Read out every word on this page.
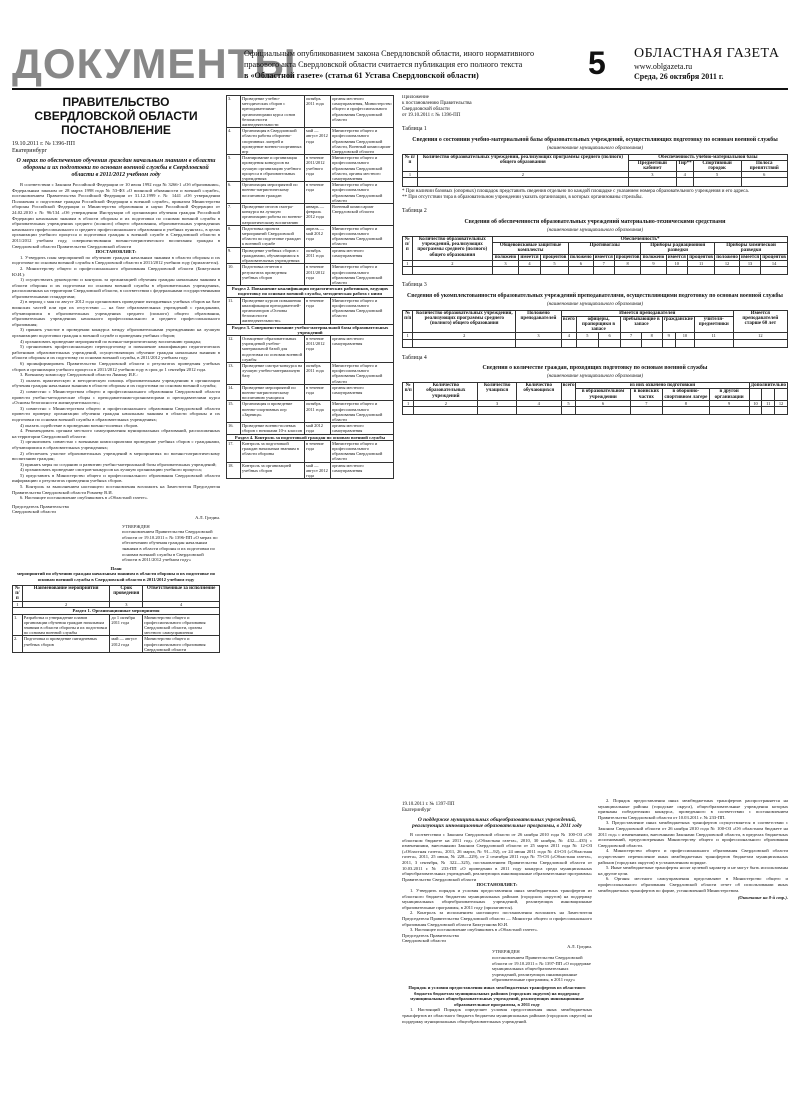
ДОКУМЕНТЫ
Официальным опубликованием закона Свердловской области, иного нормативного
правового акта Свердловской области считается публикация его полного текста
в «Областной газете» (статья 61 Устава Свердловской области)	5 ОБЛАСТНАЯ ГАЗЕТА
www.oblgazeta.ru
Среда, 26 октября 2011 г.
ПРАВИТЕЛЬСТВО
СВЕРДЛОВСКОЙ ОБЛАСТИ
ПОСТАНОВЛЕНИЕ
19.10.2011 г. № 1396-ПП
Екатеринбург
О мерах по обеспечению обучения граждан начальным знаниям в области обороны и их подготовки по основам военной службы в Свердловской области в 2011/2012 учебном году
В соответствии с Законом Российской Федерации от 10 июля 1992 года № 3266-1 «Об образовании», Федеральным законом от 28 марта 1998 года № 53-ФЗ «О воинской обязанности и военной службе», постановлением Правительства Российской Федерации от 31.12.1999 г. № 1441 «Об утверждении Положения о подготовке граждан Российской Федерации к военной службе», приказом Министерства обороны Российской Федерации и Министерства образования и науки Российской Федерации от 24.02.2010 г. № 96/134 «Об утверждении Инструкции об организации обучения граждан Российской Федерации начальным знаниям в области обороны и их подготовки по основам военной службы в образовательных учреждениях среднего (полного) общего образования, образовательных учреждениях начального профессионального и среднего профессионального образования и учебных пунктах», в целях организации учебного процесса и подготовки граждан к военной службе в Свердловской области в 2011/2012 учебном году, совершенствования военно-патриотического воспитания граждан в Свердловской области Правительство Свердловской области
ПОСТАНОВЛЯЕТ:
1. Утвердить план мероприятий по обучению граждан начальным знаниям в области обороны и их подготовке по основам военной службы в Свердловской области в 2011/2012 учебном году (прилагается).
2. Министерству общего и профессионального образования Свердловской области (Биктуганов Ю.И.):
1) осуществлять руководство и контроль за организацией обучения граждан начальным знаниям в области обороны и их подготовки по основам военной службы в образовательных учреждениях, расположенных на территории Свердловской области, в соответствии с федеральными государственными образовательными стандартами;
2) в период с мая по август 2012 года организовать проведение пятидневных учебных сборов на базе воинских частей или при их отсутствии — на базе образовательных учреждений с гражданами, обучающимися в образовательных учреждениях среднего (полного) общего образования, образовательных учреждениях начального профессионального и среднего профессионального образования;
3) принять участие в проведении конкурса между образовательными учреждениями на лучшую организацию подготовки граждан к военной службе и проведения учебных сборов;
4) организовать проведение мероприятий по военно-патриотическому воспитанию граждан;
5) организовать профессиональную переподготовку и повышение квалификации педагогических работников образовательных учреждений, осуществляющих обучение граждан начальным знаниям в области обороны и их подготовку по основам военной службы, в 2011/2012 учебном году.
6) проинформировать Правительство Свердловской области о результатах проведения учебных сборов и организации учебного процесса в 2011/2012 учебном году в срок до 1 сентября 2012 года.
3. Военному комиссару Свердловской области Лямину И.Е.:
1) оказать практическую и методическую помощь образовательным учреждениям в организации обучения граждан начальным знаниям в области обороны и их подготовки по основам военной службы;
2) совместно с Министерством общего и профессионального образования Свердловской области провести учебно-методические сборы с преподавателями-организаторами и преподавателями курса «Основы безопасности жизнедеятельности»;
3) совместно с Министерством общего и профессионального образования Свердловской области провести проверку организации обучения граждан начальным знаниям в области обороны и их подготовки по основам военной службы в образовательных учреждениях;
4) оказать содействие в проведении военно-полевых сборов.
4. Рекомендовать органам местного самоуправления муниципальных образований, расположенных на территории Свердловской области:
1) организовать совместно с военными комиссариатами проведение учебных сборов с гражданами, обучающимися в образовательных учреждениях;
2) обеспечить участие образовательных учреждений в мероприятиях по военно-патриотическому воспитанию граждан;
3) принять меры по созданию и развитию учебно-материальной базы образовательных учреждений;
4) организовать проведение смотров-конкурсов на лучшую организацию учебного процесса;
5) представить в Министерство общего и профессионального образования Свердловской области информацию о результатах проведения учебных сборов.
5. Контроль за выполнением настоящего постановления возложить на Заместителя Председателя Правительства Свердловской области Ромаеву В.И.
6. Настоящее постановление опубликовать в «Областной газете».
Председатель Правительства
Свердловской области
А.Л. Гредин.
УТВЕРЖДЕН
постановлением Правительства Свердловской области от 19.10.2011 г. № 1396-ПП «О мерах по обеспечению обучения граждан начальным знаниям в области обороны и их подготовки по основам военной службы в Свердловской области в 2011/2012 учебном году»
План
мероприятий по обучению граждан начальным знаниям в области обороны и их подготовке по основам военной службы в Свердловской области в 2011/2012 учебном году
№ п/п	Наименование мероприятия	Срок проведения	Ответственные за исполнение
1	2	3	4
Раздел 1. Организационные мероприятия			
1.	Разработка и утверждение планов организации обучения граждан начальным знаниям в области обороны и их подготовки по основам военной службы	до 1 октября 2011 года	Министерство общего и профессионального образования Свердловской области, органы местного самоуправления
2.	Подготовка и проведение пятидневных учебных сборов	май — август 2012 года	Министерство общего и профессионального образования Свердловской области
3.	Проведение учебно-методических сборов с преподавателями-организаторами курса основ безопасности жизнедеятельности	октябрь 2011 года	органы местного самоуправления, Министерство общего и профессионального образования Свердловской области
4.	Организация в Свердловской области работы оборонно-спортивных лагерей и проведение военно-спортивных игр	май — август 2012 года	Министерство общего и профессионального образования Свердловской области, Военный комиссариат Свердловской области
5.	Планирование и организация проведения конкурсов на лучшую организацию учебного процесса в образовательных учреждениях	в течение 2011/2012 учебного года	Министерство общего и профессионального образования Свердловской области, органы местного самоуправления
6.	Организация мероприятий по военно-патриотическому воспитанию граждан	в течение года	Министерство общего и профессионального образования Свердловской области
7.	Проведение итогов смотра-конкурса на лучшую организацию работы по военно-патриотическому воспитанию	январь — февраль 2012 года	Военный комиссариат Свердловской области
8.	Подготовка проекта мероприятий Свердловской области по подготовке граждан к военной службе	апрель — май 2012 года	Министерство общего и профессионального образования Свердловской области
9.	Проведение учебных сборов с гражданами, обучающимися в образовательных учреждениях	октябрь 2011 года	органы местного самоуправления
10.	Подготовка отчетов о результатах проведения учебных сборов	в течение 2011/2012 года	Министерство общего и профессионального образования Свердловской области
Раздел 2. Повышение квалификации педагогических работников, ведущих подготовку по основам военной службы, методическая работа с ними			
11.	Проведение курсов повышения квалификации преподавателей-организаторов «Основы безопасности жизнедеятельности»	в течение года	Министерство общего и профессионального образования Свердловской области
Раздел 3. Совершенствование учебно-материальной базы образовательных учреждений			
12.	Оснащение образовательных учреждений учебно-материальной базой для подготовки по основам военной службы	в течение 2011/2012 года	органы местного самоуправления
13.	Проведение смотра-конкурса на лучшую учебно-материальную базу	октябрь 2011 года	Министерство общего и профессионального образования Свердловской области
14.	Проведение мероприятий по военно-патриотическому воспитанию учащихся	в течение года	органы местного самоуправления
15.	Организация и проведение военно-спортивных игр «Зарница»	октябрь 2011 года	Министерство общего и профессионального образования Свердловской области
16.	Проведение военно-полевых сборов с юношами 10-х классов	май 2012 года	органы местного самоуправления
Раздел 4. Контроль за подготовкой граждан по основам военной службы			
17.	Контроль за подготовкой граждан начальным знаниям в области обороны	в течение года	Министерство общего и профессионального образования Свердловской области
18.	Контроль за организацией учебных сборов	май — август 2012 года	органы местного самоуправления
Приложение
к постановлению Правительства
Свердловской области
от 19.10.2011 г. № 1396-ПП
Таблица 1
Сведения о состоянии учебно-материальной базы образовательных учреждений, осуществляющих подготовку по основам военной службы
(наименование муниципального образования)
№ п/п	Количество образовательных учреждений, реализующих программы среднего (полного) общего образования	Обеспеченность учебно-материальной базы			
		Предметный кабинет	Тир**	Спортивный городок	Полоса препятствий
1	2	3	4	5	6

* При наличии базовых (опорных) площадок представить сведения отдельно по каждой площадке с указанием номера образовательного учреждения и его адреса.
** При отсутствии тира в образовательном учреждении указать организации, в которых организованы стрельбы.
Таблица 2
Сведения об обеспеченности образовательных учреждений материально-техническими средствами
(наименование муниципального образования)
№ п/п	Количество образовательных учреждений, реализующих программы среднего (полного) общего образования	Обеспеченность*											
		Общевойсковые защитные комплекты			Противогазы			Приборы радиационной разведки			Приборы химической разведки		
		положено	имеется	процентов	положено	имеется	процентов	положено	имеется	процентов	положено	имеется	процентов
1	2	3	4	5	6	7	8	9	10	11	12	13	14

Таблица 3
Сведения об укомплектованности образовательных учреждений преподавателями, осуществляющими подготовку по основам военной службы
(наименование муниципального образования)
№ п/п	Количество образовательных учреждений, реализующих программы среднего (полного) общего образования	Положено преподавателей	Имеется преподавателей								Имеется преподавателей старше 60 лет
			всего	офицеры, прапорщики в запасе		пребывающие в запасе		гражданские		учителя-предметники	
1	2	3	4	5	6	7	8	9	10	11	12

Таблица 4
Сведения о количестве граждан, проходящих подготовку по основам военной службы
(наименование муниципального образования)
№ п/п	Количество образовательных учреждений	Количество учащихся	Количество обучающихся	всего	из них охвачено подготовкой				Дополнительно		
					в образовательном учреждении	в воинских частях	в оборонно-спортивном лагере	в другой организации			
1	2	3	4	5	6	7	8	9	10	11	12

19.10.2011 г. № 1397-ПП
Екатеринбург
О поддержке муниципальных общеобразовательных учреждений, реализующих инновационные образовательные программы, в 2011 году
В соответствии с Законом Свердловской области от 26 ноября 2010 года № 100-ОЗ «Об областном бюджете на 2011 год» («Областная газета», 2010, 30 ноября, № 432—435) с изменениями, внесенными Законом Свердловской области от 25 марта 2011 года № 12-ОЗ («Областная газета», 2011, 26 марта, № 91—92), от 24 июня 2011 года № 43-ОЗ («Областная газета», 2011, 25 июня, № 228—229), от 2 сентября 2011 года № 75-ОЗ («Областная газета», 2011, 3 сентября, № 322—325), постановлением Правительства Свердловской области от 10.03.2011 г. № 233-ПП «О проведении в 2011 году конкурса среди муниципальных общеобразовательных учреждений, реализующих инновационные образовательные программы» Правительство Свердловской области
ПОСТАНОВЛЯЕТ:
1. Утвердить порядок и условия предоставления иных межбюджетных трансфертов из областного бюджета бюджетам муниципальных районов (городских округов) на поддержку муниципальных общеобразовательных учреждений, реализующих инновационные образовательные программы, в 2011 году (прилагаются).
2. Контроль за исполнением настоящего постановления возложить на Заместителя Председателя Правительства Свердловской области — Министра общего и профессионального образования Свердловской области Биктуганова Ю.И.
3. Настоящее постановление опубликовать в «Областной газете».
Председатель Правительства
Свердловской области
А.Л. Гредин.
УТВЕРЖДЕН
постановлением Правительства Свердловской области от 19.10.2011 г. № 1397-ПП «О поддержке муниципальных общеобразовательных учреждений, реализующих инновационные образовательные программы, в 2011 году»
Порядок и условия предоставления иных межбюджетных трансфертов из областного бюджета бюджетам муниципальных районов (городских округов) на поддержку муниципальных общеобразовательных учреждений, реализующих инновационные образовательные программы, в 2011 году
1. Настоящий Порядок определяет условия предоставления иных межбюджетных трансфертов из областного бюджета бюджетам муниципальных районов (городских округов) на поддержку муниципальных общеобразовательных учреждений.
2. Порядок предоставления иных межбюджетных трансфертов распространяется на муниципальные районы (городские округа), общеобразовательные учреждения которых признаны победителями конкурса, проведенного в соответствии с постановлением Правительства Свердловской области от 10.03.2011 г. № 233-ПП.
3. Предоставление иных межбюджетных трансфертов осуществляется в соответствии с Законом Свердловской области от 26 ноября 2010 года № 100-ОЗ «Об областном бюджете на 2011 год» с изменениями, внесенными Законами Свердловской области, в пределах бюджетных ассигнований, предусмотренных Министерству общего и профессионального образования Свердловской области.
4. Министерство общего и профессионального образования Свердловской области осуществляет перечисление иных межбюджетных трансфертов бюджетам муниципальных районов (городских округов) в установленном порядке.
5. Иные межбюджетные трансферты носят целевой характер и не могут быть использованы на другие цели.
6. Органы местного самоуправления представляют в Министерство общего и профессионального образования Свердловской области отчет об использовании иных межбюджетных трансфертов по форме, установленной Министерством.
(Окончание на 8-й стр.).
